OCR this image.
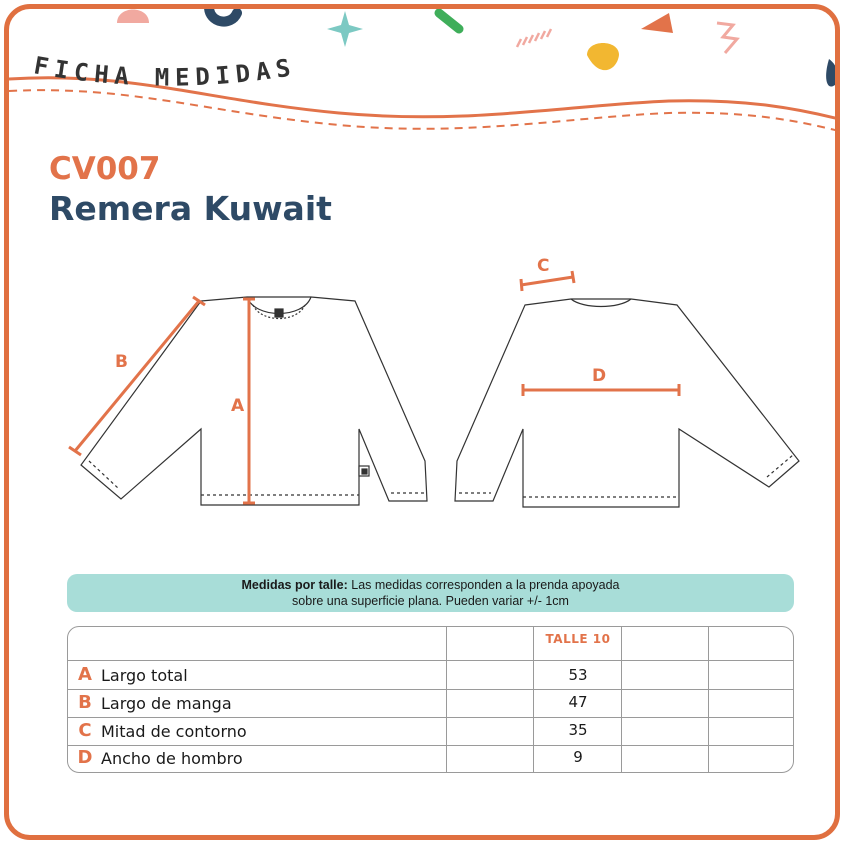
FICHA MEDIDAS
CV007
Remera Kuwait
A
B
C
D
Medidas por talle: Las medidas corresponden a la prenda apoyada
sobre una superficie plana. Pueden variar +/- 1cm
TALLE 10
A Largo total	53
B Largo de manga	47
C Mitad de contorno	35
D Ancho de hombro	9
